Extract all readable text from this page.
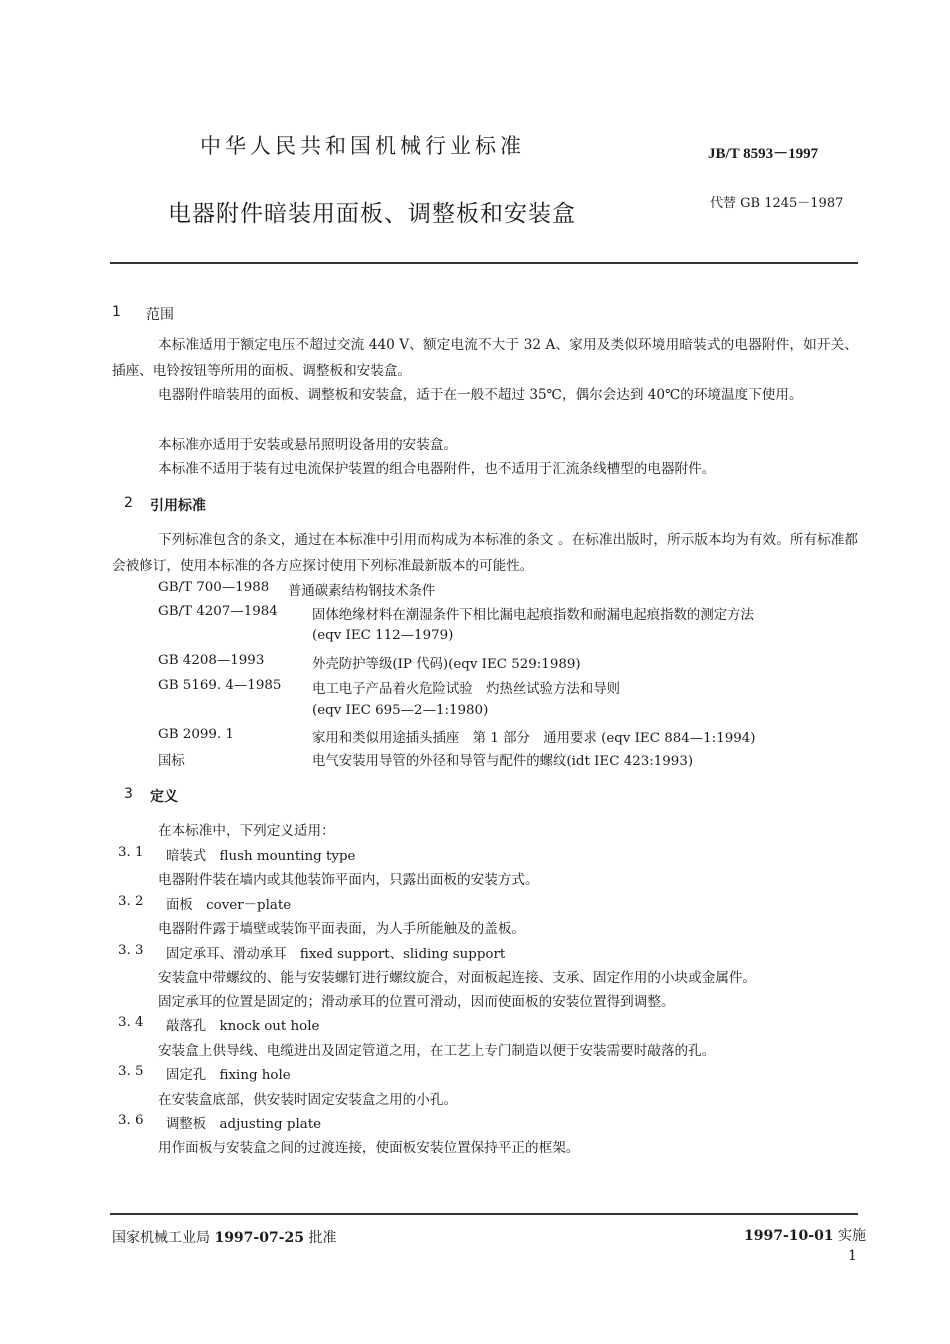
中华人民共和国机械行业标准	JB/T 8593－1997
电器附件暗装用面板、调整板和安装盒	代替 GB 1245－1987
1 范围
本标准适用于额定电压不超过交流 440 V、额定电流不大于 32 A、家用及类似环境用暗装式的电器附件，如开关、插座、电铃按钮等所用的面板、调整板和安装盒。
电器附件暗装用的面板、调整板和安装盒，适于在一般不超过 35℃，偶尔会达到 40℃的环境温度下使用。
本标准亦适用于安装或悬吊照明设备用的安装盒。
本标准不适用于装有过电流保护装置的组合电器附件，也不适用于汇流条线槽型的电器附件。
2 引用标准
下列标准包含的条文，通过在本标准中引用而构成为本标准的条文 。在标准出版时，所示版本均为有效。所有标准都会被修订，使用本标准的各方应探讨使用下列标准最新版本的可能性。
GB/T 700—1988 普通碳素结构钢技术条件
GB/T 4207—1984	固体绝缘材料在潮湿条件下相比漏电起痕指数和耐漏电起痕指数的测定方法
(eqv IEC 112—1979)
GB 4208—1993	外壳防护等级(IP 代码)(eqv IEC 529:1989)
GB 5169. 4—1985 电工电子产品着火危险试验　灼热丝试验方法和导则
(eqv IEC 695—2—1:1980)
GB 2099. 1	家用和类似用途插头插座　第 1 部分　通用要求 (eqv IEC 884—1:1994)
国标	电气安装用导管的外径和导管与配件的螺纹(idt IEC 423:1993)
3 定义
在本标准中，下列定义适用：
3. 1 暗装式　flush mounting type
电器附件装在墙内或其他装饰平面内，只露出面板的安装方式。
3. 2 面板　cover－plate
电器附件露于墙壁或装饰平面表面，为人手所能触及的盖板。
3. 3 固定承耳、滑动承耳　fixed support、sliding support
安装盒中带螺纹的、能与安装螺钉进行螺纹旋合，对面板起连接、支承、固定作用的小块或金属件。
固定承耳的位置是固定的；滑动承耳的位置可滑动，因而使面板的安装位置得到调整。
3. 4 敲落孔　knock out hole
安装盒上供导线、电缆进出及固定管道之用，在工艺上专门制造以便于安装需要时敲落的孔。
3. 5 固定孔　fixing hole
在安装盒底部，供安装时固定安装盒之用的小孔。
3. 6 调整板　adjusting plate
用作面板与安装盒之间的过渡连接，使面板安装位置保持平正的框架。
国家机械工业局 1997-07-25 批准	1997-10-01 实施
1
